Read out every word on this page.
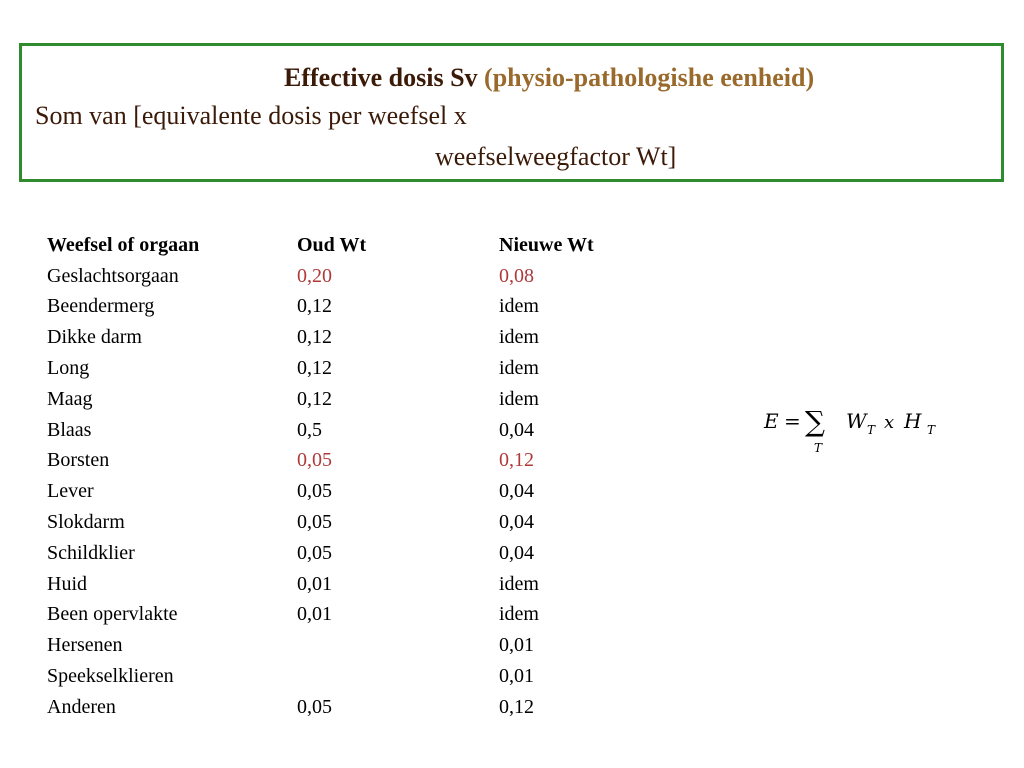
Effective dosis Sv (physio-pathologishe eenheid)
Som van [equivalente dosis per weefsel x
weefselweegfactor Wt]
Weefsel of orgaan	Oud Wt	Nieuwe Wt
Geslachtsorgaan	0,20	0,08
Beendermerg	0,12	idem
Dikke darm	0,12	idem
Long	0,12	idem
Maag	0,12	idem
Blaas	0,5	0,04
Borsten	0,05	0,12
Lever	0,05	0,04
Slokdarm	0,05	0,04
Schildklier	0,05	0,04
Huid	0,01	idem
Been opervlakte	0,01	idem
Hersenen		0,01
Speekselklieren		0,01
Anderen	0,05	0,12
E = ∑
T
W T x H T
